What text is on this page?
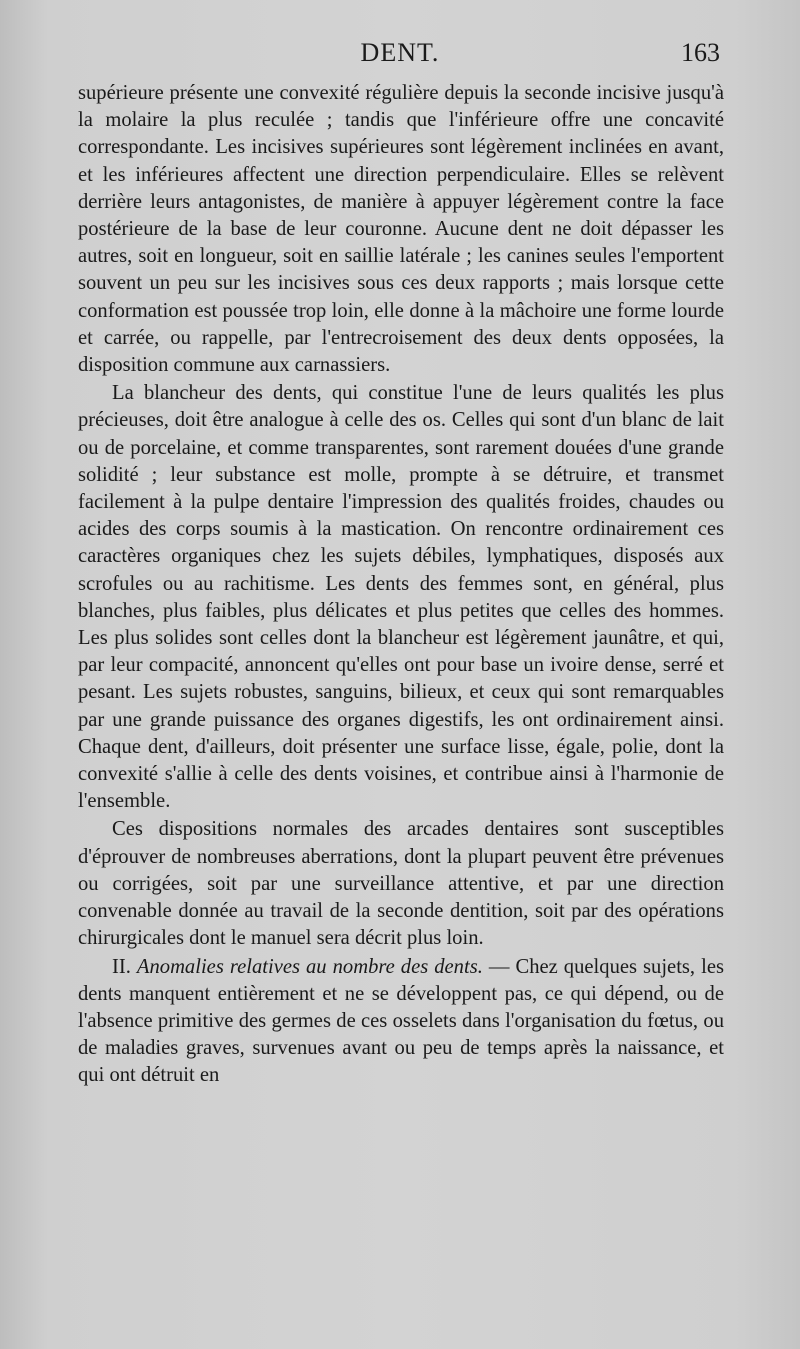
DENT.	163

supérieure présente une convexité régulière depuis la seconde incisive jusqu'à la molaire la plus reculée ; tandis que l'inférieure offre une concavité correspondante. Les incisives supérieures sont légèrement inclinées en avant, et les inférieures affectent une direction perpendiculaire. Elles se relèvent derrière leurs antagonistes, de manière à appuyer légèrement contre la face postérieure de la base de leur couronne. Aucune dent ne doit dépasser les autres, soit en longueur, soit en saillie latérale ; les canines seules l'emportent souvent un peu sur les incisives sous ces deux rapports ; mais lorsque cette conformation est poussée trop loin, elle donne à la mâchoire une forme lourde et carrée, ou rappelle, par l'entrecroisement des deux dents opposées, la disposition commune aux carnassiers.

La blancheur des dents, qui constitue l'une de leurs qualités les plus précieuses, doit être analogue à celle des os. Celles qui sont d'un blanc de lait ou de porcelaine, et comme transparentes, sont rarement douées d'une grande solidité ; leur substance est molle, prompte à se détruire, et transmet facilement à la pulpe dentaire l'impression des qualités froides, chaudes ou acides des corps soumis à la mastication. On rencontre ordinairement ces caractères organiques chez les sujets débiles, lymphatiques, disposés aux scrofules ou au rachitisme. Les dents des femmes sont, en général, plus blanches, plus faibles, plus délicates et plus petites que celles des hommes. Les plus solides sont celles dont la blancheur est légèrement jaunâtre, et qui, par leur compacité, annoncent qu'elles ont pour base un ivoire dense, serré et pesant. Les sujets robustes, sanguins, bilieux, et ceux qui sont remarquables par une grande puissance des organes digestifs, les ont ordinairement ainsi. Chaque dent, d'ailleurs, doit présenter une surface lisse, égale, polie, dont la convexité s'allie à celle des dents voisines, et contribue ainsi à l'harmonie de l'ensemble.

Ces dispositions normales des arcades dentaires sont susceptibles d'éprouver de nombreuses aberrations, dont la plupart peuvent être prévenues ou corrigées, soit par une surveillance attentive, et par une direction convenable donnée au travail de la seconde dentition, soit par des opérations chirurgicales dont le manuel sera décrit plus loin.

II. Anomalies relatives au nombre des dents. — Chez quelques sujets, les dents manquent entièrement et ne se développent pas, ce qui dépend, ou de l'absence primitive des germes de ces osselets dans l'organisation du fœtus, ou de maladies graves, survenues avant ou peu de temps après la naissance, et qui ont détruit en
